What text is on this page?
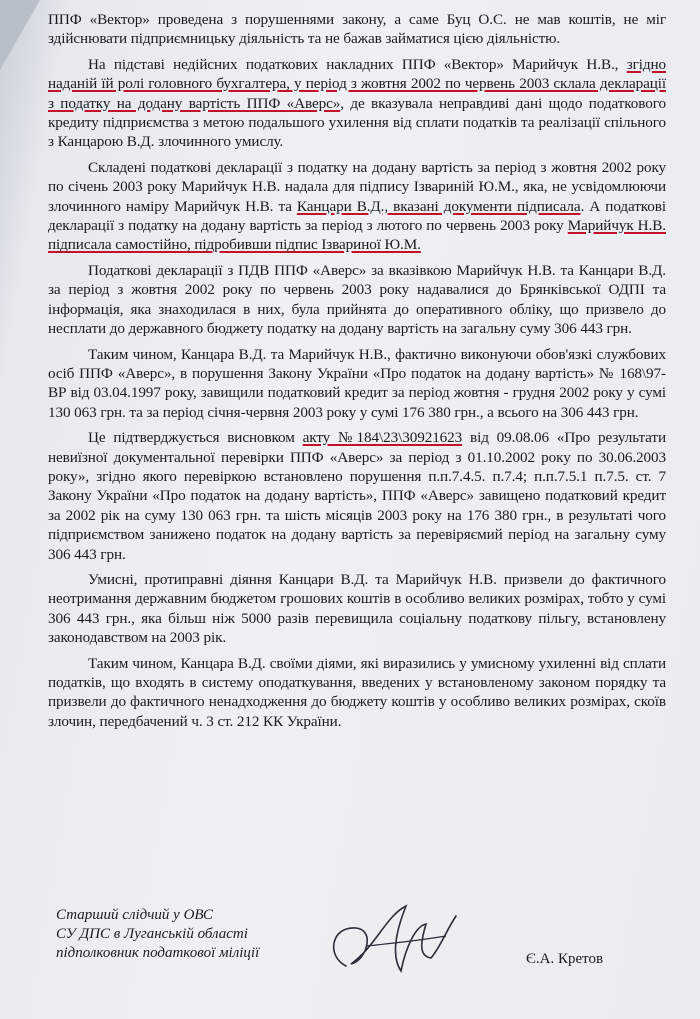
ППФ «Вектор» проведена з порушеннями закону, а саме Буц О.С. не мав коштів, не міг здійснювати підприємницьку діяльність та не бажав займатися цією діяльністю.

На підставі недійсних податкових накладних ППФ «Вектор» Марийчук Н.В., згідно наданій їй ролі головного бухгалтера, у період з жовтня 2002 по червень 2003 склала декларації з податку на додану вартість ППФ «Аверс», де вказувала неправдиві дані щодо податкового кредиту підприємства з метою подальшого ухилення від сплати податків та реалізації спільного з Канцарою В.Д. злочинного умислу.

Складені податкові декларації з податку на додану вартість за період з жовтня 2002 року по січень 2003 року Марийчук Н.В. надала для підпису Ізвариній Ю.М., яка, не усвідомлюючи злочинного наміру Марийчук Н.В. та Канцари В.Д., вказані документи підписала. А податкові декларації з податку на додану вартість за період з лютого по червень 2003 року Марийчук Н.В. підписала самостійно, підробивши підпис Ізвариної Ю.М.

Податкові декларації з ПДВ ППФ «Аверс» за вказівкою Марийчук Н.В. та Канцари В.Д. за період з жовтня 2002 року по червень 2003 року надавалися до Брянківської ОДПІ та інформація, яка знаходилася в них, була прийнята до оперативного обліку, що призвело до несплати до державного бюджету податку на додану вартість на загальну суму 306 443 грн.

Таким чином, Канцара В.Д. та Марийчук Н.В., фактично виконуючи обов'язкі службових осіб ППФ «Аверс», в порушення Закону України «Про податок на додану вартість» № 168\97-ВР від 03.04.1997 року, завищили податковий кредит за період жовтня - грудня 2002 року у сумі 130 063 грн. та за період січня-червня 2003 року у сумі 176 380 грн., а всього на 306 443 грн.

Це підтверджується висновком акту №184\23\30921623 від 09.08.06 «Про результати невиїзної документальної перевірки ППФ «Аверс» за період з 01.10.2002 року по 30.06.2003 року», згідно якого перевіркою встановлено порушення п.п.7.4.5. п.7.4; п.п.7.5.1 п.7.5. ст. 7 Закону України «Про податок на додану вартість», ППФ «Аверс» завищено податковий кредит за 2002 рік на суму 130 063 грн. та шість місяців 2003 року на 176 380 грн., в результаті чого підприємством занижено податок на додану вартість за перевіряємий період на загальну суму 306 443 грн.

Умисні, протиправні діяння Канцари В.Д. та Марийчук Н.В. призвели до фактичного неотримання державним бюджетом грошових коштів в особливо великих розмірах, тобто у сумі 306 443 грн., яка більш ніж 5000 разів перевищила соціальну податкову пільгу, встановлену законодавством на 2003 рік.

Таким чином, Канцара В.Д. своїми діями, які виразились у умисному ухиленні від сплати податків, що входять в систему оподаткування, введених у встановленому законом порядку та призвели до фактичного ненадходження до бюджету коштів у особливо великих розмірах, скоїв злочин, передбачений ч. 3 ст. 212 КК України.

Старший слідчий у ОВС
СУ ДПС в Луганській області
підполковник податкової міліції	Є.А. Кретов
